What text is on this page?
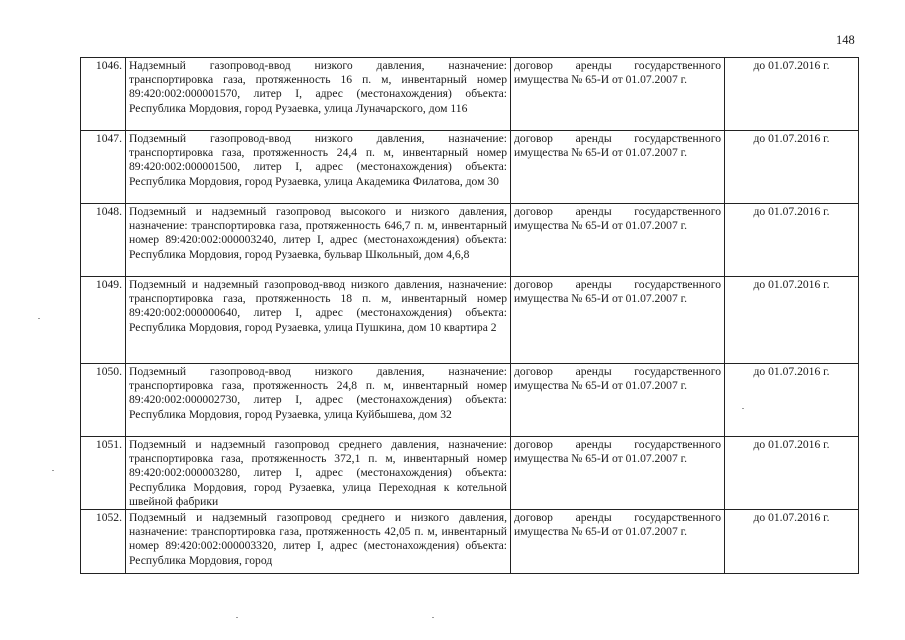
148
1046.	Надземный газопровод-ввод низкого давления, назначение: транспортировка газа, протяженность 16 п. м, инвентарный номер 89:420:002:000001570, литер I, адрес (местонахождения) объекта: Республика Мордовия, город Рузаевка, улица Луначарского, дом 116	договор аренды государственного имущества № 65-И от 01.07.2007 г.	до 01.07.2016 г.
1047.	Подземный газопровод-ввод низкого давления, назначение: транспортировка газа, протяженность 24,4 п. м, инвентарный номер 89:420:002:000001500, литер I, адрес (местонахождения) объекта: Республика Мордовия, город Рузаевка, улица Академика Филатова, дом 30	договор аренды государственного имущества № 65-И от 01.07.2007 г.	до 01.07.2016 г.
1048.	Подземный и надземный газопровод высокого и низкого давления, назначение: транспортировка газа, протяженность 646,7 п. м, инвентарный номер 89:420:002:000003240, литер I, адрес (местонахождения) объекта: Республика Мордовия, город Рузаевка, бульвар Школьный, дом 4,6,8	договор аренды государственного имущества № 65-И от 01.07.2007 г.	до 01.07.2016 г.
1049.	Подземный и надземный газопровод-ввод низкого давления, назначение: транспортировка газа, протяженность 18 п. м, инвентарный номер 89:420:002:000000640, литер I, адрес (местонахождения) объекта: Республика Мордовия, город Рузаевка, улица Пушкина, дом 10 квартира 2	договор аренды государственного имущества № 65-И от 01.07.2007 г.	до 01.07.2016 г.
1050.	Подземный газопровод-ввод низкого давления, назначение: транспортировка газа, протяженность 24,8 п. м, инвентарный номер 89:420:002:000002730, литер I, адрес (местонахождения) объекта: Республика Мордовия, город Рузаевка, улица Куйбышева, дом 32	договор аренды государственного имущества № 65-И от 01.07.2007 г.	до 01.07.2016 г.
1051.	Подземный и надземный газопровод среднего давления, назначение: транспортировка газа, протяженность 372,1 п. м, инвентарный номер 89:420:002:000003280, литер I, адрес (местонахождения) объекта: Республика Мордовия, город Рузаевка, улица Переходная к котельной швейной фабрики	договор аренды государственного имущества № 65-И от 01.07.2007 г.	до 01.07.2016 г.
1052.	Подземный и надземный газопровод среднего и низкого давления, назначение: транспортировка газа, протяженность 42,05 п. м, инвентарный номер 89:420:002:000003320, литер I, адрес (местонахождения) объекта: Республика Мордовия, город	договор аренды государственного имущества № 65-И от 01.07.2007 г.	до 01.07.2016 г.
